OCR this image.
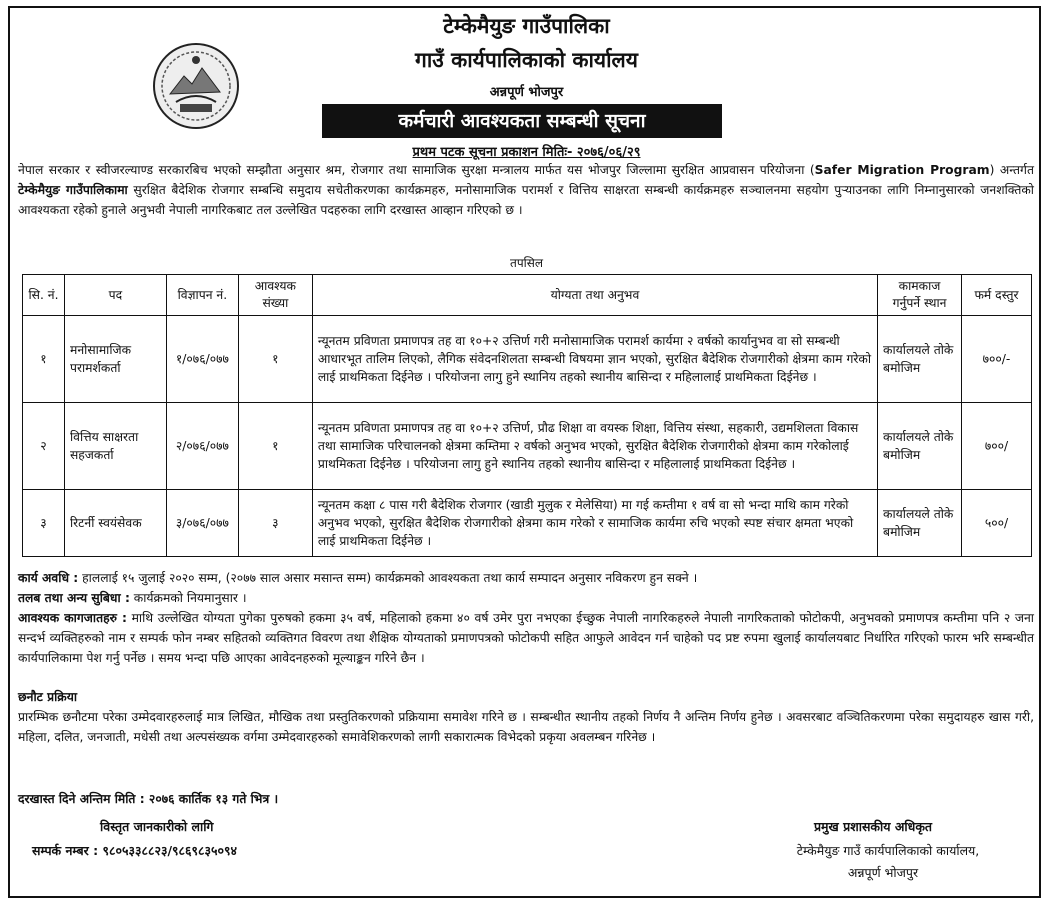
टेम्केमैयुङ गाउँपालिका
गाउँ कार्यपालिकाको कार्यालय
अन्नपूर्ण भोजपुर
कर्मचारी आवश्यकता सम्बन्धी सूचना
प्रथम पटक सूचना प्रकाशन मितिः- २०७६/०६/२९
नेपाल सरकार र स्वीजरल्याण्ड सरकारबिच भएको सम्झौता अनुसार श्रम, रोजगार तथा सामाजिक सुरक्षा मन्त्रालय मार्फत यस भोजपुर जिल्लामा सुरक्षित आप्रवासन परियोजना (Safer Migration Program) अन्तर्गत टेम्केमैयुङ गाउँपालिकामा सुरक्षित बैदेशिक रोजगार सम्बन्धि समुदाय सचेतीकरणका कार्यक्रमहरु, मनोसामाजिक परामर्श र वित्तिय साक्षरता सम्बन्धी कार्यक्रमहरु सञ्चालनमा सहयोग पुऱ्याउनका लागि निम्नानुसारको जनशक्तिको आवश्यकता रहेको हुनाले अनुभवी नेपाली नागरिकबाट तल उल्लेखित पदहरुका लागि दरखास्त आव्हान गरिएको छ ।
तपसिल
सि. नं.	पद	विज्ञापन नं.	आवश्यक संख्या	योग्यता तथा अनुभव	कामकाज गर्नुपर्ने स्थान	फर्म दस्तुर
१	मनोसामाजिक परामर्शकर्ता	१/०७६/०७७	१	न्यूनतम प्रविणता प्रमाणपत्र तह वा १०+२ उत्तिर्ण गरी मनोसामाजिक परामर्श कार्यमा २ वर्षको कार्यानुभव वा सो सम्बन्धी आधारभूत तालिम लिएको, लैगिक संवेदनशिलता सम्बन्धी विषयमा ज्ञान भएको, सुरक्षित बैदेशिक रोजगारीको क्षेत्रमा काम गरेको लाई प्राथमिकता दिईनेछ । परियोजना लागु हुने स्थानिय तहको स्थानीय बासिन्दा र महिलालाई प्राथमिकता दिईनेछ ।	कार्यालयले तोके बमोजिम	७००/-
२	वित्तिय साक्षरता सहजकर्ता	२/०७६/०७७	१	न्यूनतम प्रविणता प्रमाणपत्र तह वा १०+२ उत्तिर्ण, प्रौढ शिक्षा वा वयस्क शिक्षा, वित्तिय संस्था, सहकारी, उद्यमशिलता विकास तथा सामाजिक परिचालनको क्षेत्रमा कम्तिमा २ वर्षको अनुभव भएको, सुरक्षित बैदेशिक रोजगारीको क्षेत्रमा काम गरेकोलाई प्राथमिकता दिईनेछ । परियोजना लागु हुने स्थानिय तहको स्थानीय बासिन्दा र महिलालाई प्राथमिकता दिईनेछ ।	कार्यालयले तोके बमोजिम	७००/
३	रिटर्नी स्वयंसेवक	३/०७६/०७७	३	न्यूनतम कक्षा ८ पास गरी बैदेशिक रोजगार (खाडी मुलुक र मेलेसिया) मा गई कम्तीमा १ वर्ष वा सो भन्दा माथि काम गरेको अनुभव भएको, सुरक्षित बैदेशिक रोजगारीको क्षेत्रमा काम गरेको र सामाजिक कार्यमा रुचि भएको स्पष्ट संचार क्षमता भएको लाई प्राथमिकता दिईनेछ ।	कार्यालयले तोके बमोजिम	५००/
कार्य अवधि : हाललाई १५ जुलाई २०२० सम्म, (२०७७ साल असार मसान्त सम्म) कार्यक्रमको आवश्यकता तथा कार्य सम्पादन अनुसार नविकरण हुन सक्ने ।
तलब तथा अन्य सुबिधा : कार्यक्रमको नियमानुसार ।
आवश्यक कागजातहरु : माथि उल्लेखित योग्यता पुगेका पुरुषको हकमा ३५ वर्ष, महिलाको हकमा ४० वर्ष उमेर पुरा नभएका ईच्छुक नेपाली नागरिकहरुले नेपाली नागरिकताको फोटोकपी, अनुभवको प्रमाणपत्र कम्तीमा पनि २ जना सन्दर्भ व्यक्तिहरुको नाम र सम्पर्क फोन नम्बर सहितको व्यक्तिगत विवरण तथा शैक्षिक योग्यताको प्रमाणपत्रको फोटोकपी सहित आफुले आवेदन गर्न चाहेको पद प्रष्ट रुपमा खुलाई कार्यालयबाट निर्धारित गरिएको फारम भरि सम्बन्धीत कार्यपालिकामा पेश गर्नु पर्नेछ । समय भन्दा पछि आएका आवेदनहरुको मूल्याङ्कन गरिने छैन ।
छनौट प्रक्रिया
प्रारम्भिक छनौटमा परेका उम्मेदवारहरुलाई मात्र लिखित, मौखिक तथा प्रस्तुतिकरणको प्रक्रियामा समावेश गरिने छ । सम्बन्धीत स्थानीय तहको निर्णय नै अन्तिम निर्णय हुनेछ । अवसरबाट वञ्चितिकरणमा परेका समुदायहरु खास गरी, महिला, दलित, जनजाती, मधेसी तथा अल्पसंख्यक वर्गमा उम्मेदवारहरुको समावेशिकरणको लागी सकारात्मक विभेदको प्रकृया अवलम्बन गरिनेछ ।
दरखास्त दिने अन्तिम मिति : २०७६ कार्तिक १३ गते भित्र ।
विस्तृत जानकारीको लागि
सम्पर्क नम्बर : ९८०५३३८८२३/९८६९८३५०९४
प्रमुख प्रशासकीय अधिकृत
टेम्केमैयुङ गाउँ कार्यपालिकाको कार्यालय,
अन्नपूर्ण भोजपुर
